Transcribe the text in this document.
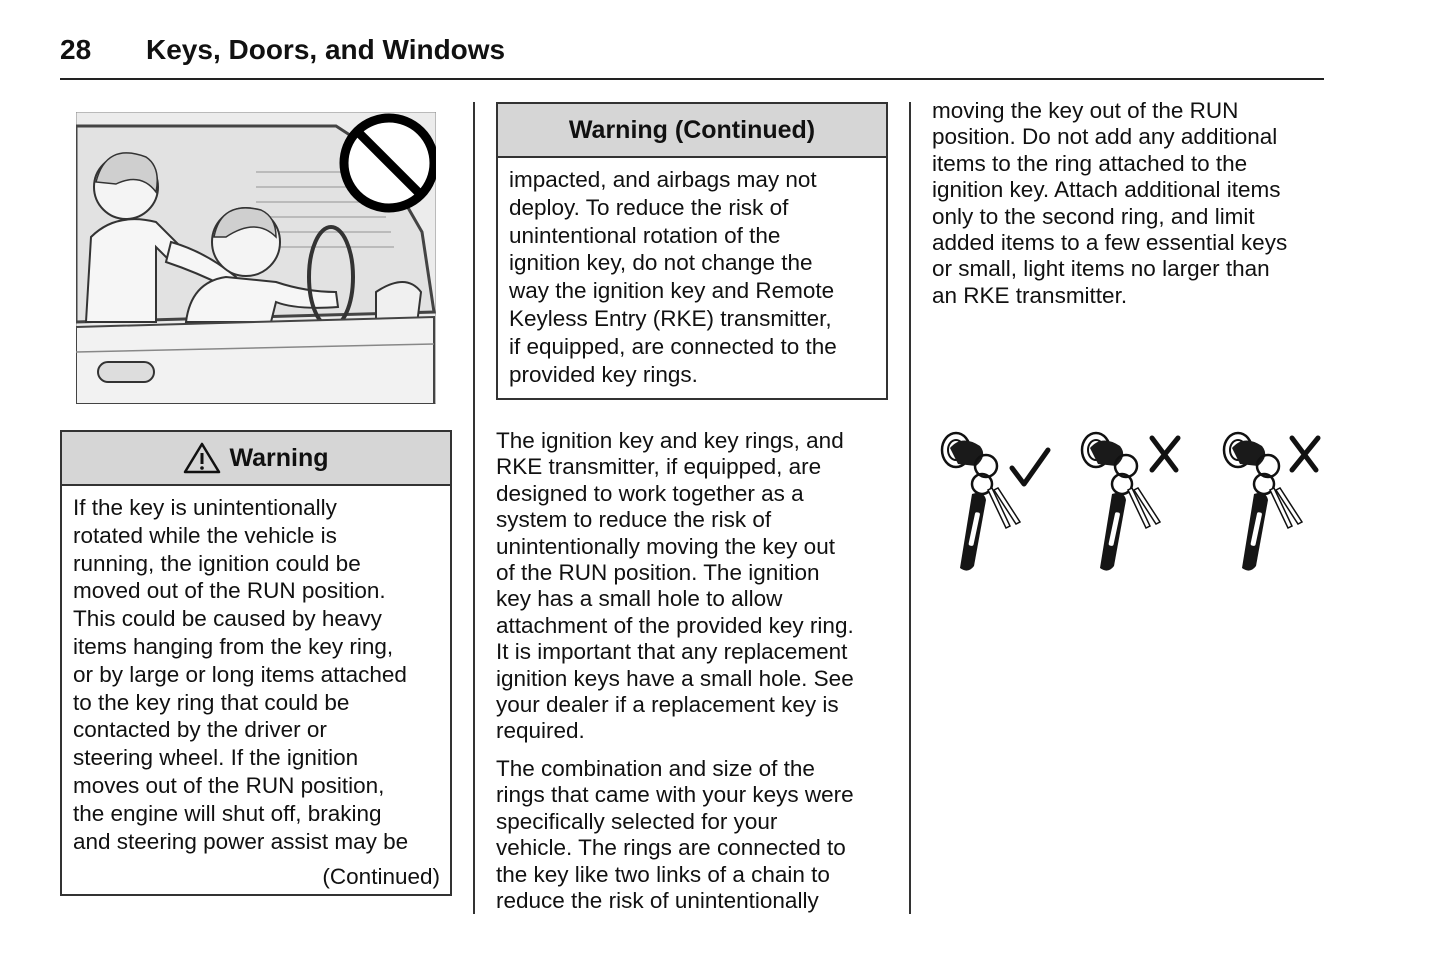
28 Keys, Doors, and Windows
Warning
If the key is unintentionally
rotated while the vehicle is
running, the ignition could be
moved out of the RUN position.
This could be caused by heavy
items hanging from the key ring,
or by large or long items attached
to the key ring that could be
contacted by the driver or
steering wheel. If the ignition
moves out of the RUN position,
the engine will shut off, braking
and steering power assist may be
(Continued)
Warning (Continued)
impacted, and airbags may not
deploy. To reduce the risk of
unintentional rotation of the
ignition key, do not change the
way the ignition key and Remote
Keyless Entry (RKE) transmitter,
if equipped, are connected to the
provided key rings.
The ignition key and key rings, and
RKE transmitter, if equipped, are
designed to work together as a
system to reduce the risk of
unintentionally moving the key out
of the RUN position. The ignition
key has a small hole to allow
attachment of the provided key ring.
It is important that any replacement
ignition keys have a small hole. See
your dealer if a replacement key is
required.
The combination and size of the
rings that came with your keys were
specifically selected for your
vehicle. The rings are connected to
the key like two links of a chain to
reduce the risk of unintentionally
moving the key out of the RUN
position. Do not add any additional
items to the ring attached to the
ignition key. Attach additional items
only to the second ring, and limit
added items to a few essential keys
or small, light items no larger than
an RKE transmitter.
